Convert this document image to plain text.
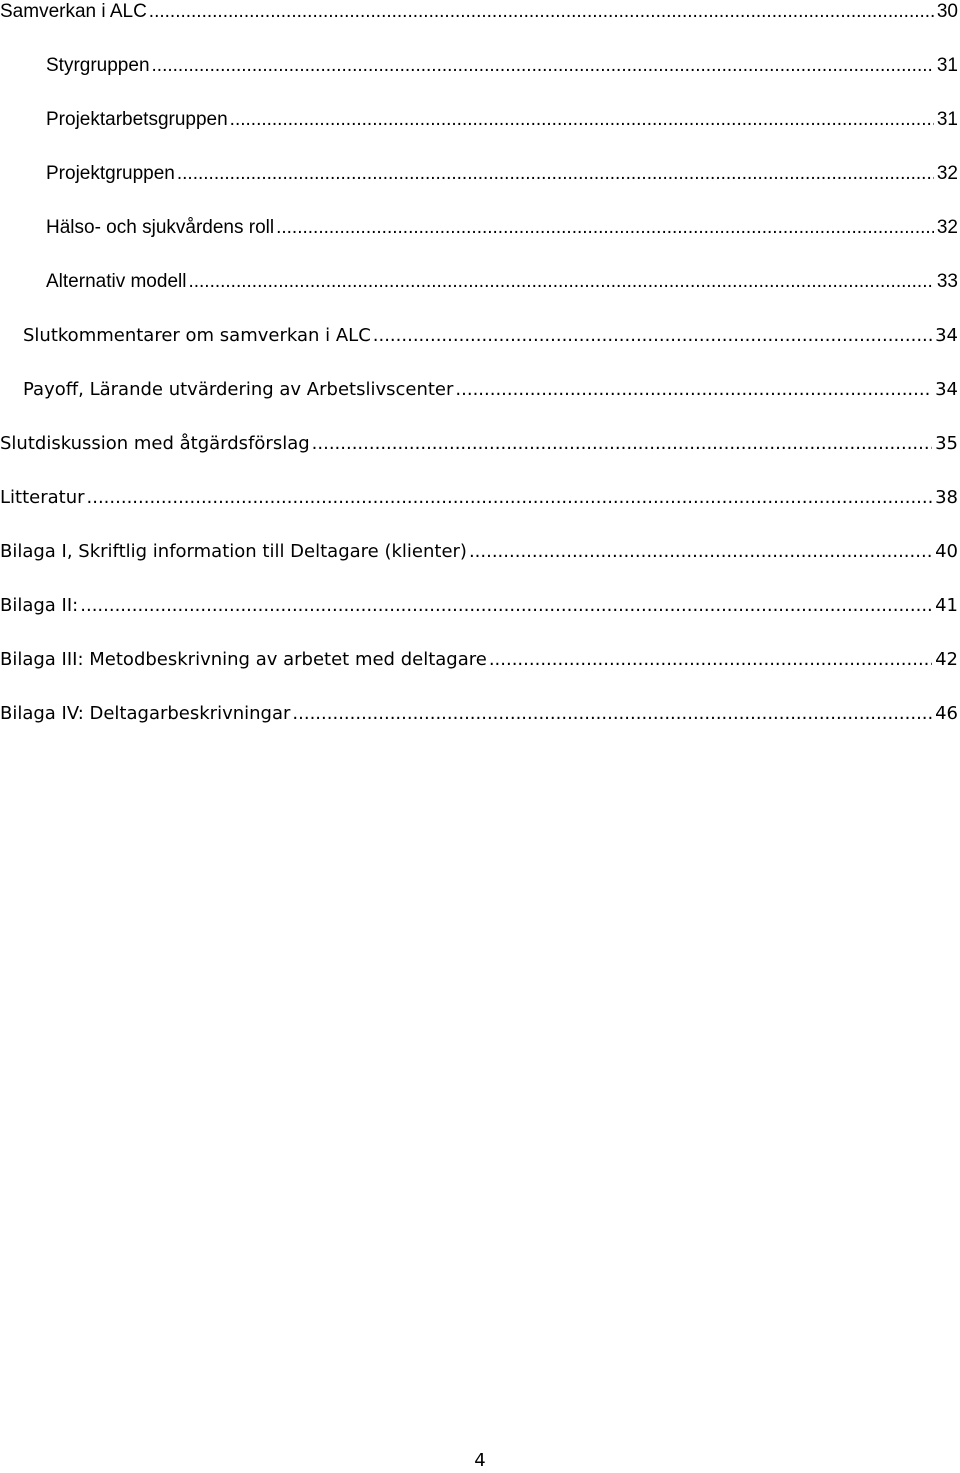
Samverkan i ALC .....	30
Styrgruppen .....	31
Projektarbetsgruppen .....	31
Projektgruppen .....	32
Hälso- och sjukvårdens roll .....	32
Alternativ modell .....	33
Slutkommentarer om samverkan i ALC .....	34
Payoff, Lärande utvärdering av Arbetslivscenter .....	34
Slutdiskussion med åtgärdsförslag .....	35
Litteratur .....	38
Bilaga I, Skriftlig information till Deltagare (klienter) .....	40
Bilaga II: .....	41
Bilaga III: Metodbeskrivning av arbetet med deltagare .....	42
Bilaga IV: Deltagarbeskrivningar .....	46
4
